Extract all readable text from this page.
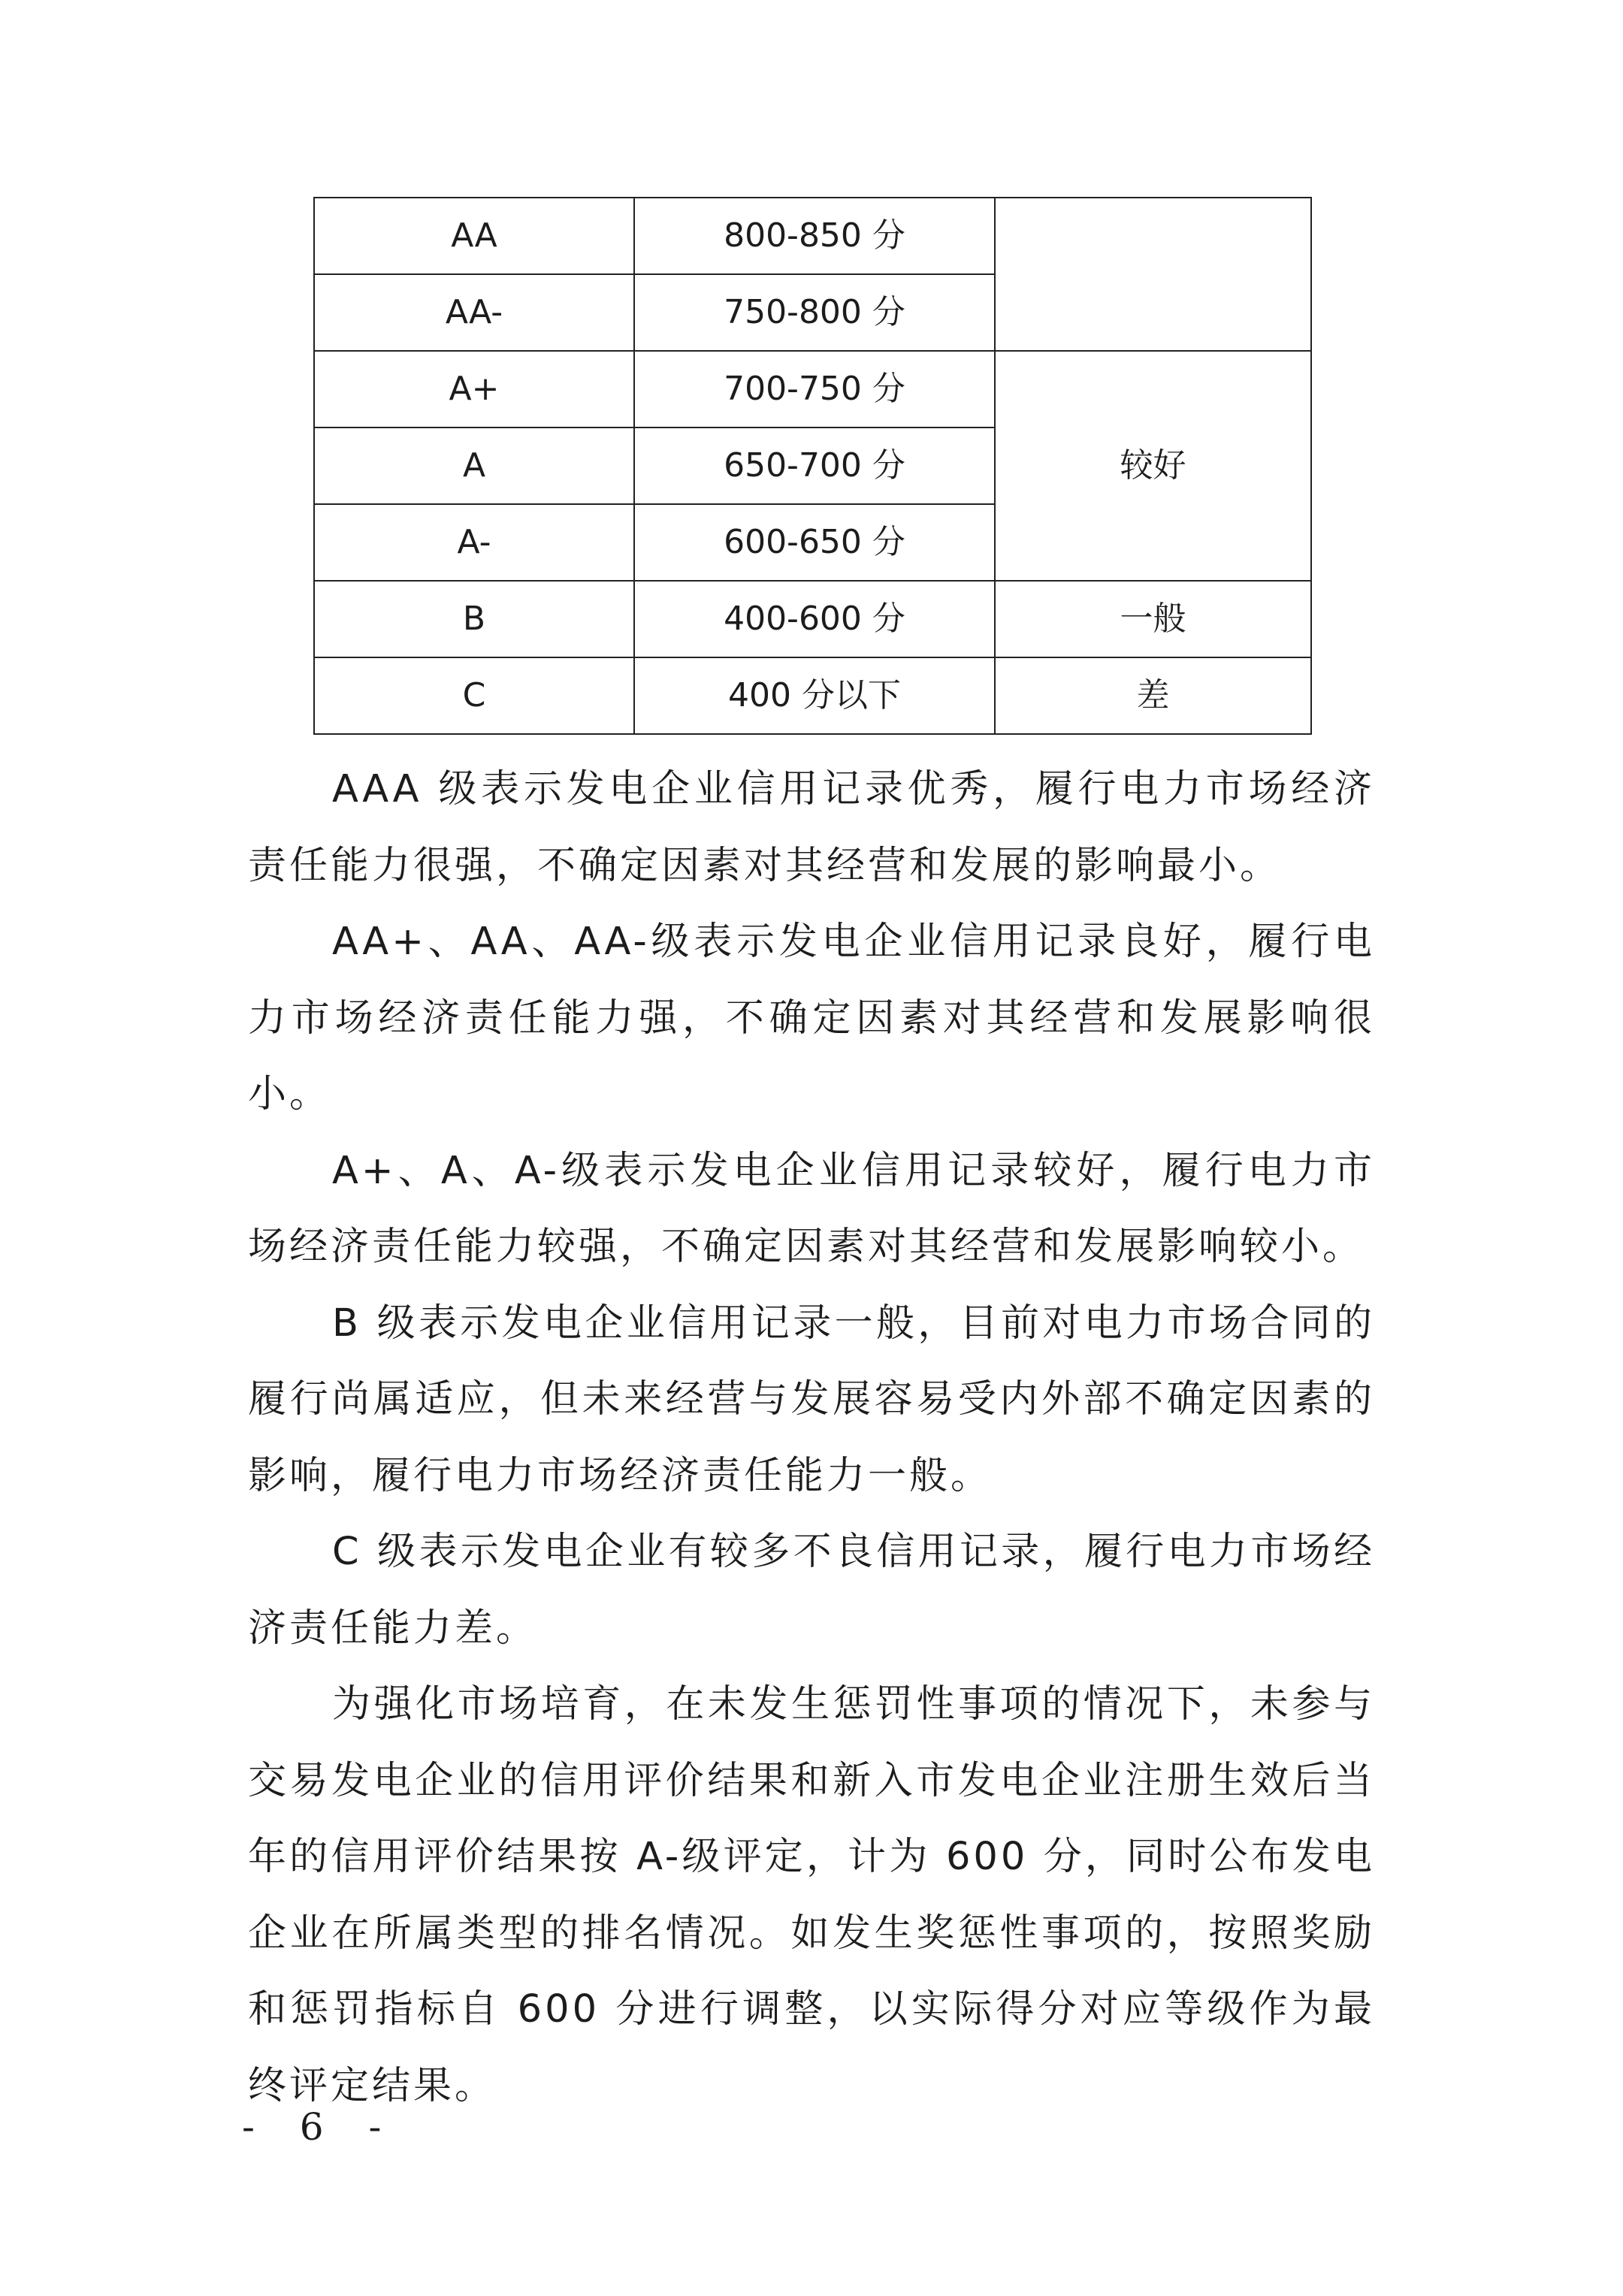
AA	800-850 分	
AA-	750-800 分	
A+	700-750 分	较好
A	650-700 分	
A-	600-650 分	
B	400-600 分	一般
C	400 分以下	差

AAA 级表示发电企业信用记录优秀，履行电力市场经济责任能力很强，不确定因素对其经营和发展的影响最小。

AA+、AA、AA-级表示发电企业信用记录良好，履行电力市场经济责任能力强，不确定因素对其经营和发展影响很小。

A+、A、A-级表示发电企业信用记录较好，履行电力市场经济责任能力较强，不确定因素对其经营和发展影响较小。

B 级表示发电企业信用记录一般，目前对电力市场合同的履行尚属适应，但未来经营与发展容易受内外部不确定因素的影响，履行电力市场经济责任能力一般。

C 级表示发电企业有较多不良信用记录，履行电力市场经济责任能力差。

为强化市场培育，在未发生惩罚性事项的情况下，未参与交易发电企业的信用评价结果和新入市发电企业注册生效后当年的信用评价结果按 A-级评定，计为 600 分，同时公布发电企业在所属类型的排名情况。如发生奖惩性事项的，按照奖励和惩罚指标自 600 分进行调整，以实际得分对应等级作为最终评定结果。

- 6 -
